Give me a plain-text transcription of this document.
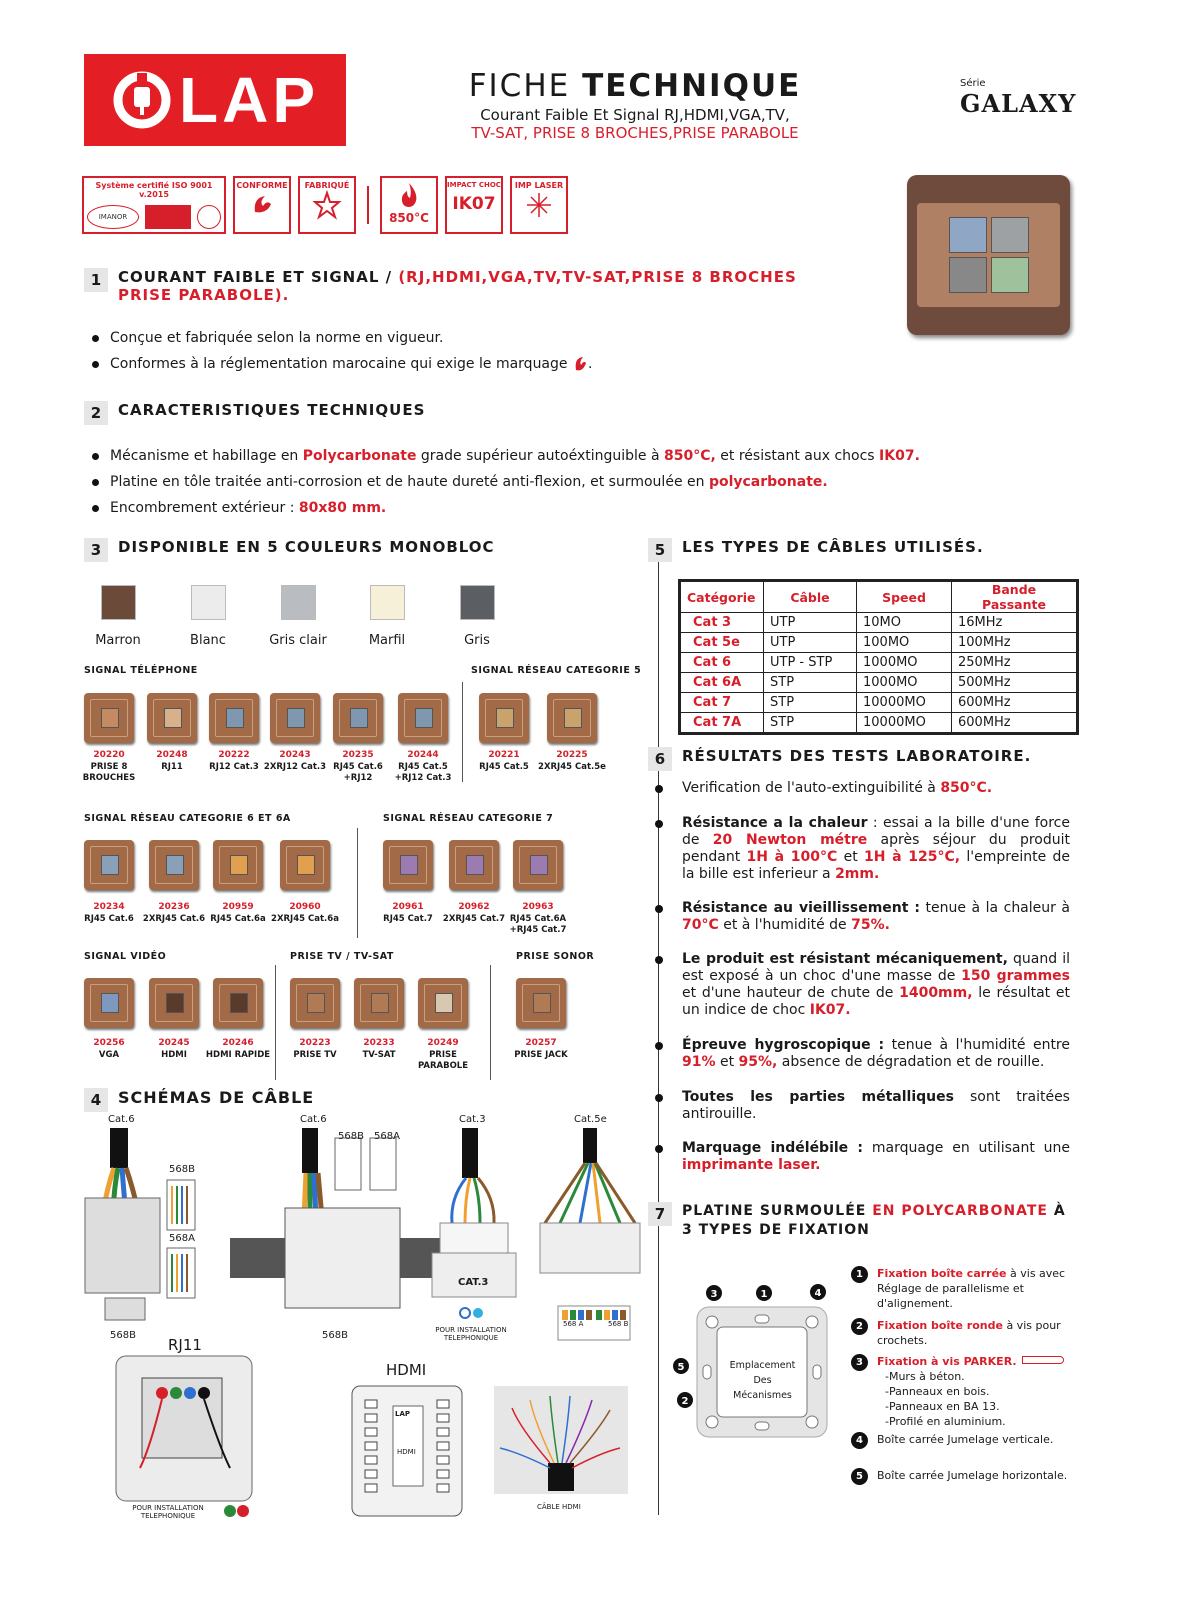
LAP	FICHE TECHNIQUE
Courant Faible Et Signal RJ,HDMI,VGA,TV,
TV-SAT, PRISE 8 BROCHES,PRISE PARABOLE
Série
GALAXY
Système certifié ISO 9001 v.2015
IMANOR
CONFORME	FABRIQUÉ
850°C
IMPACT CHOC
IK07
IMP LASER
1	COURANT FAIBLE ET SIGNAL / (RJ,HDMI,VGA,TV,TV-SAT,PRISE 8 BROCHES PRISE PARABOLE).
Conçue et fabriquée selon la norme en vigueur.
Conformes à la réglementation marocaine qui exige le marquage .
2	CARACTERISTIQUES TECHNIQUES
Mécanisme et habillage en Polycarbonate grade supérieur autoéxtinguible à 850°C, et résistant aux chocs IK07.
Platine en tôle traitée anti-corrosion et de haute dureté anti-flexion, et surmoulée en polycarbonate.
Encombrement extérieur : 80x80 mm.
3	DISPONIBLE EN 5 COULEURS MONOBLOC
Marron	Blanc	Gris clair	Marfil	Gris
SIGNAL TÉLÉPHONE	SIGNAL RÉSEAU CATEGORIE 5
SIGNAL RÉSEAU CATEGORIE 6 ET 6A	SIGNAL RÉSEAU CATEGORIE 7
SIGNAL VIDÉO	PRISE TV / TV-SAT	PRISE SONOR
20220
PRISE 8 BROUCHES
20248
RJ11
20222
RJ12 Cat.3
20243
2XRJ12 Cat.3
20235
RJ45 Cat.6 +RJ12
20244
RJ45 Cat.5 +RJ12 Cat.3
20221
RJ45 Cat.5
20225
2XRJ45 Cat.5e
20234
RJ45 Cat.6
20236
2XRJ45 Cat.6
20959
RJ45 Cat.6a
20960
2XRJ45 Cat.6a
20961
RJ45 Cat.7
20962
2XRJ45 Cat.7
20963
RJ45 Cat.6A +RJ45 Cat.7
20256
VGA
20245
HDMI
20246
HDMI RAPIDE
20223
PRISE TV
20233
TV-SAT
20249
PRISE PARABOLE
20257
PRISE JACK
4	SCHÉMAS DE CÂBLE
Cat.6	Cat.6	Cat.3	Cat.5e
568B
568A
568B 568A
568B	568B
CAT.3
POUR INSTALLATION TELEPHONIQUE
568 A	568 B
RJ11
HDMI
LAP
HDMI
CÂBLE HDMI
POUR INSTALLATION TELEPHONIQUE
5	LES TYPES DE CÂBLES UTILISÉS.
Catégorie	Câble	Speed	Bande Passante
Cat 3	UTP	10MO	16MHz
Cat 5e	UTP	100MO	100MHz
Cat 6	UTP - STP	1000MO	250MHz
Cat 6A	STP	1000MO	500MHz
Cat 7	STP	10000MO	600MHz
Cat 7A	STP	10000MO	600MHz
6	RÉSULTATS DES TESTS LABORATOIRE.
Verification de l'auto-extinguibilité à 850°C.
Résistance a la chaleur : essai a la bille d'une force de 20 Newton métre après séjour du produit pendant 1H à 100°C et 1H à 125°C, l'empreinte de la bille est inferieur a 2mm.
Résistance au vieillissement : tenue à la chaleur à 70°C et à l'humidité de 75%.
Le produit est résistant mécaniquement, quand il est exposé à un choc d'une masse de 150 grammes et d'une hauteur de chute de 1400mm, le résultat et un indice de choc IK07.
Épreuve hygroscopique : tenue à l'humidité entre 91% et 95%, absence de dégradation et de rouille.
Toutes les parties métalliques sont traitées antirouille.
Marquage indélébile : marquage en utilisant une imprimante laser.
7	PLATINE SURMOULÉE EN POLYCARBONATE À 3 TYPES DE FIXATION
3	1	4
5
2
Emplacement
Des
Mécanismes
1	Fixation boîte carrée à vis avec Réglage de parallelisme et d'alignement.
2	Fixation boîte ronde à vis pour crochets.
3	Fixation à vis PARKER.
-Murs à béton.
-Panneaux en bois.
-Panneaux en BA 13.
-Profilé en aluminium.
4	Boîte carrée Jumelage verticale.
5	Boîte carrée Jumelage horizontale.
